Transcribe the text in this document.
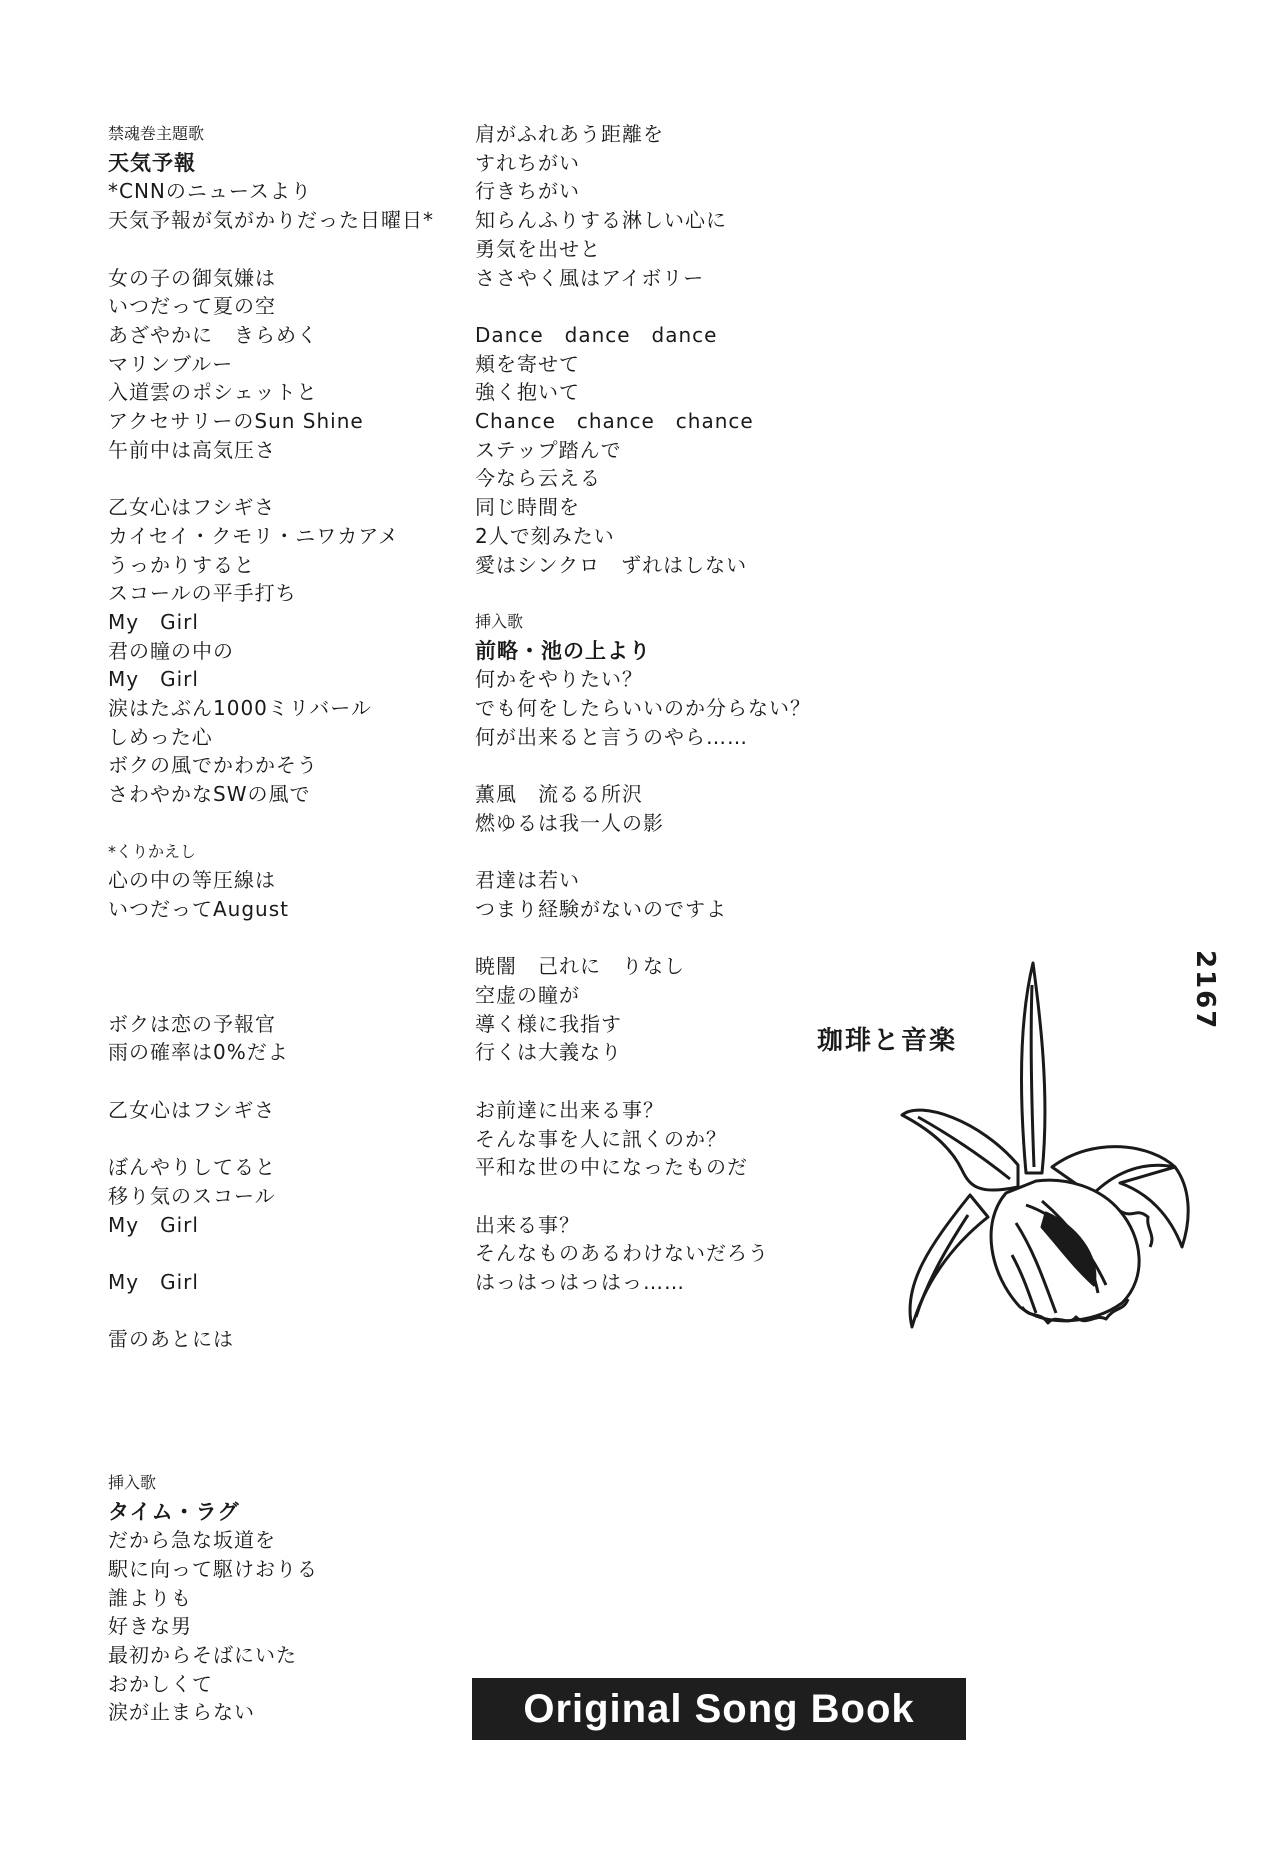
2167
禁魂巻主題歌
天気予報
*CNNのニュースより
天気予報が気がかりだった日曜日*
女の子の御気嫌は
いつだって夏の空
あざやかに　きらめく
マリンブルー
入道雲のポシェットと
アクセサリーのSun Shine
午前中は高気圧さ
乙女心はフシギさ
カイセイ・クモリ・ニワカアメ
うっかりすると
スコールの平手打ち
My　Girl
君の瞳の中の
My　Girl
涙はたぶん1000ミリバール
しめった心
ボクの風でかわかそう
さわやかなSWの風で
*くりかえし
心の中の等圧線は
いつだってAugust
ボクは恋の予報官
雨の確率は0%だよ
乙女心はフシギさ
ぼんやりしてると
移り気のスコール
My　Girl
My　Girl
雷のあとには
挿入歌
タイム・ラグ
だから急な坂道を
駅に向って駆けおりる
誰よりも
好きな男
最初からそばにいた
おかしくて
涙が止まらない
肩がふれあう距離を
すれちがい
行きちがい
知らんふりする淋しい心に
勇気を出せと
ささやく風はアイボリー
Dance　dance　dance
頬を寄せて
強く抱いて
Chance　chance　chance
ステップ踏んで
今なら云える
同じ時間を
2人で刻みたい
愛はシンクロ　ずれはしない
挿入歌
前略・池の上より
何かをやりたい？
でも何をしたらいいのか分らない？
何が出来ると言うのやら……
薫風　流るる所沢
燃ゆるは我一人の影
君達は若い
つまり経験がないのですよ
暁闇　己れに　りなし
空虚の瞳が
導く様に我指す
行くは大義なり
お前達に出来る事？
そんな事を人に訊くのか？
平和な世の中になったものだ
出来る事？
そんなものあるわけないだろう
はっはっはっはっ……
珈琲と音楽
Original Song Book
